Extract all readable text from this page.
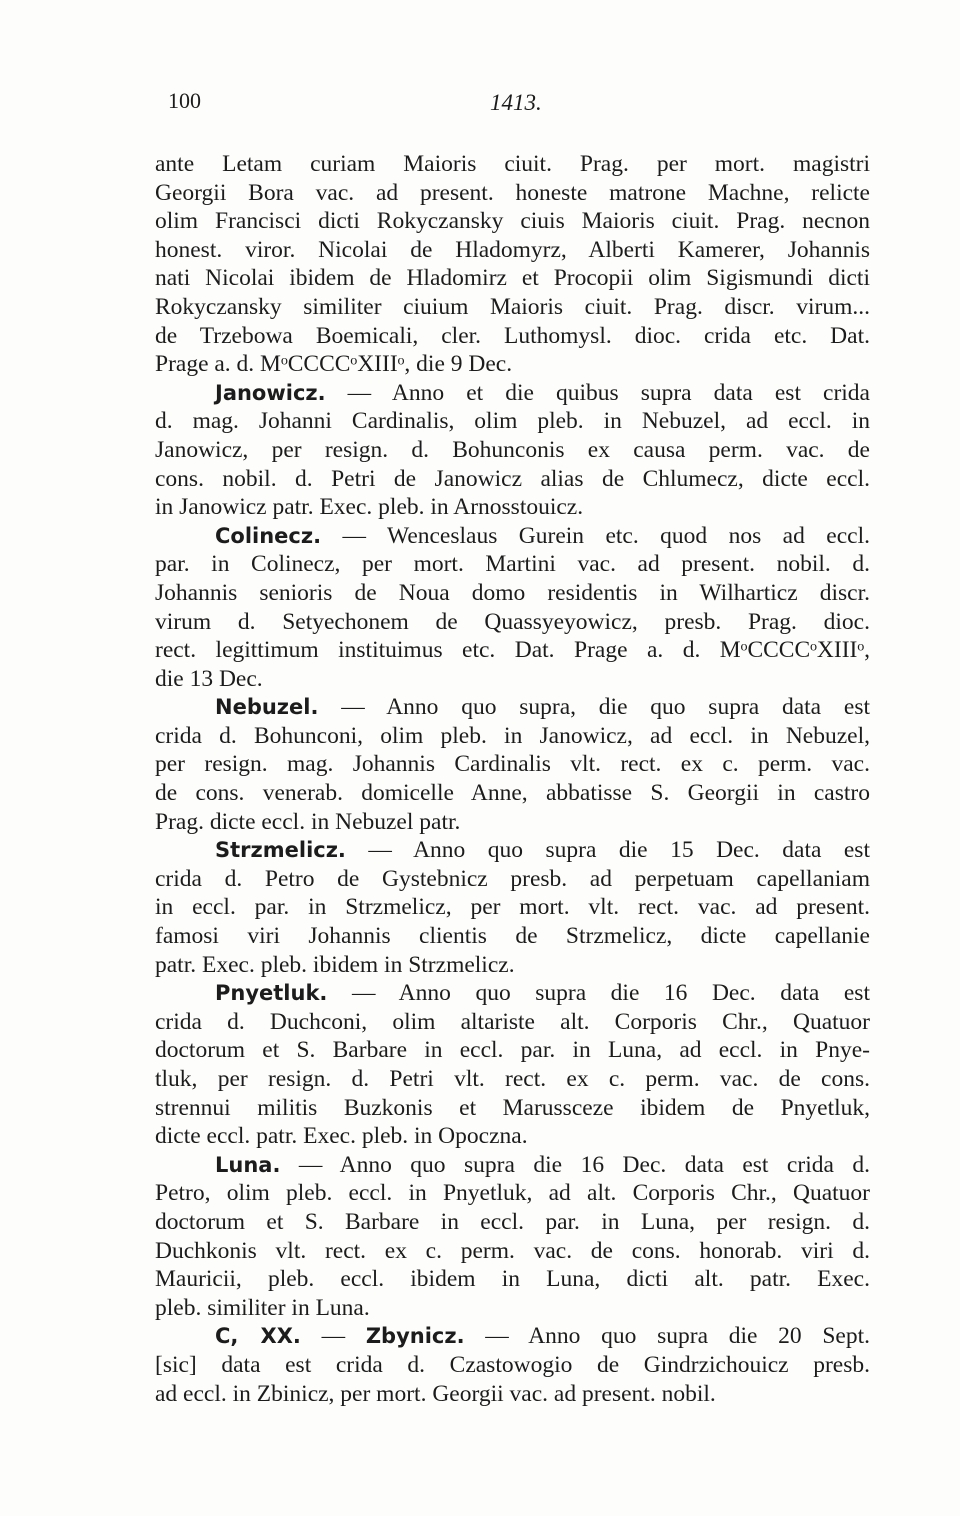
100	1413.
ante Letam curiam Maioris ciuit. Prag. per mort. magistri
Georgii Bora vac. ad present. honeste matrone Machne, relicte
olim Francisci dicti Rokyczansky ciuis Maioris ciuit. Prag. necnon
honest. viror. Nicolai de Hladomyrz, Alberti Kamerer, Johannis
nati Nicolai ibidem de Hladomirz et Procopii olim Sigismundi dicti
Rokyczansky similiter ciuium Maioris ciuit. Prag. discr. virum...
de Trzebowa Boemicali, cler. Luthomysl. dioc. crida etc. Dat.
Prage a. d. MᵒCCCCᵒXIIIᵒ, die 9 Dec.
Janowicz. — Anno et die quibus supra data est crida
d. mag. Johanni Cardinalis, olim pleb. in Nebuzel, ad eccl. in
Janowicz, per resign. d. Bohunconis ex causa perm. vac. de
cons. nobil. d. Petri de Janowicz alias de Chlumecz, dicte eccl.
in Janowicz patr. Exec. pleb. in Arnosstouicz.
Colinecz. — Wenceslaus Gurein etc. quod nos ad eccl.
par. in Colinecz, per mort. Martini vac. ad present. nobil. d.
Johannis senioris de Noua domo residentis in Wilharticz discr.
virum d. Setyechonem de Quassyeyowicz, presb. Prag. dioc.
rect. legittimum instituimus etc. Dat. Prage a. d. MᵒCCCCᵒXIIIᵒ,
die 13 Dec.
Nebuzel. — Anno quo supra, die quo supra data est
crida d. Bohunconi, olim pleb. in Janowicz, ad eccl. in Nebuzel,
per resign. mag. Johannis Cardinalis vlt. rect. ex c. perm. vac.
de cons. venerab. domicelle Anne, abbatisse S. Georgii in castro
Prag. dicte eccl. in Nebuzel patr.
Strzmelicz. — Anno quo supra die 15 Dec. data est
crida d. Petro de Gystebnicz presb. ad perpetuam capellaniam
in eccl. par. in Strzmelicz, per mort. vlt. rect. vac. ad present.
famosi viri Johannis clientis de Strzmelicz, dicte capellanie
patr. Exec. pleb. ibidem in Strzmelicz.
Pnyetluk. — Anno quo supra die 16 Dec. data est
crida d. Duchconi, olim altariste alt. Corporis Chr., Quatuor
doctorum et S. Barbare in eccl. par. in Luna, ad eccl. in Pnye-
tluk, per resign. d. Petri vlt. rect. ex c. perm. vac. de cons.
strennui militis Buzkonis et Marussceze ibidem de Pnyetluk,
dicte eccl. patr. Exec. pleb. in Opoczna.
Luna. — Anno quo supra die 16 Dec. data est crida d.
Petro, olim pleb. eccl. in Pnyetluk, ad alt. Corporis Chr., Quatuor
doctorum et S. Barbare in eccl. par. in Luna, per resign. d.
Duchkonis vlt. rect. ex c. perm. vac. de cons. honorab. viri d.
Mauricii, pleb. eccl. ibidem in Luna, dicti alt. patr. Exec.
pleb. similiter in Luna.
C, XX. — Zbynicz. — Anno quo supra die 20 Sept.
[sic] data est crida d. Czastowogio de Gindrzichouicz presb.
ad eccl. in Zbinicz, per mort. Georgii vac. ad present. nobil.
